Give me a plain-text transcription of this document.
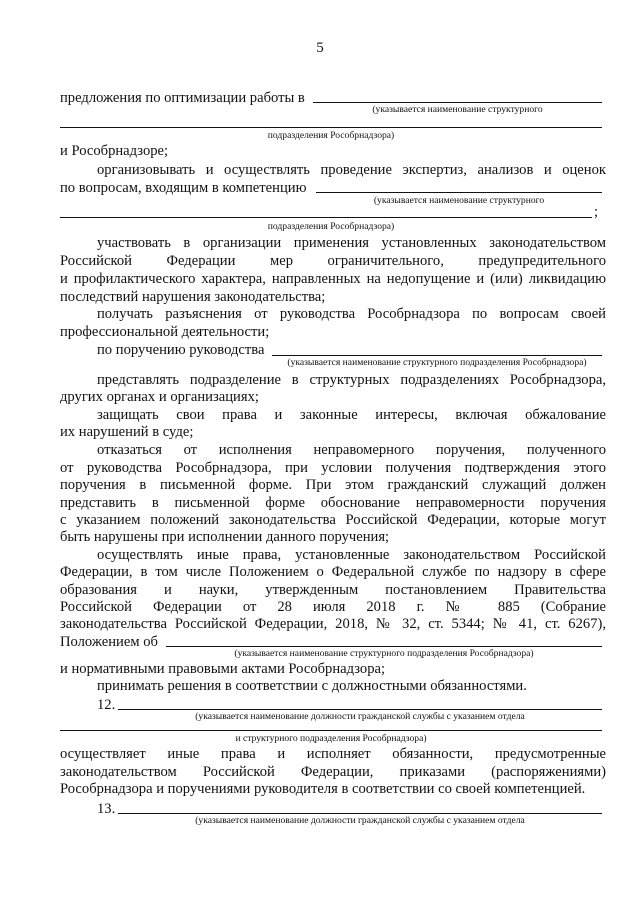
5
предложения по оптимизации работы в
(указывается наименование структурного
подразделения Рособрнадзора)
и Рособрнадзоре;
организовывать и осуществлять проведение экспертиз, анализов и оценок
по вопросам, входящим в компетенцию
(указывается наименование структурного
;
подразделения Рособрнадзора)
участвовать в организации применения установленных законодательством
Российской Федерации мер ограничительного, предупредительного
и профилактического характера, направленных на недопущение и (или) ликвидацию
последствий нарушения законодательства;
получать разъяснения от руководства Рособрнадзора по вопросам своей
профессиональной деятельности;
по поручению руководства
(указывается наименование структурного подразделения Рособрнадзора)
представлять подразделение в структурных подразделениях Рособрнадзора,
других органах и организациях;
защищать свои права и законные интересы, включая обжалование
их нарушений в суде;
отказаться от исполнения неправомерного поручения, полученного
от руководства Рособрнадзора, при условии получения подтверждения этого
поручения в письменной форме. При этом гражданский служащий должен
представить в письменной форме обоснование неправомерности поручения
с указанием положений законодательства Российской Федерации, которые могут
быть нарушены при исполнении данного поручения;
осуществлять иные права, установленные законодательством Российской
Федерации, в том числе Положением о Федеральной службе по надзору в сфере
образования и науки, утвержденным постановлением Правительства
Российской Федерации от 28 июля 2018 г. № 885 (Собрание
законодательства Российской Федерации, 2018, № 32, ст. 5344; № 41, ст. 6267),
Положением об
(указывается наименование структурного подразделения Рособрнадзора)
и нормативными правовыми актами Рособрнадзора;
принимать решения в соответствии с должностными обязанностями.
12.
(указывается наименование должности гражданской службы с указанием отдела
и структурного подразделения Рособрнадзора)
осуществляет иные права и исполняет обязанности, предусмотренные
законодательством Российской Федерации, приказами (распоряжениями)
Рособрнадзора и поручениями руководителя в соответствии со своей компетенцией.
13.
(указывается наименование должности гражданской службы с указанием отдела
